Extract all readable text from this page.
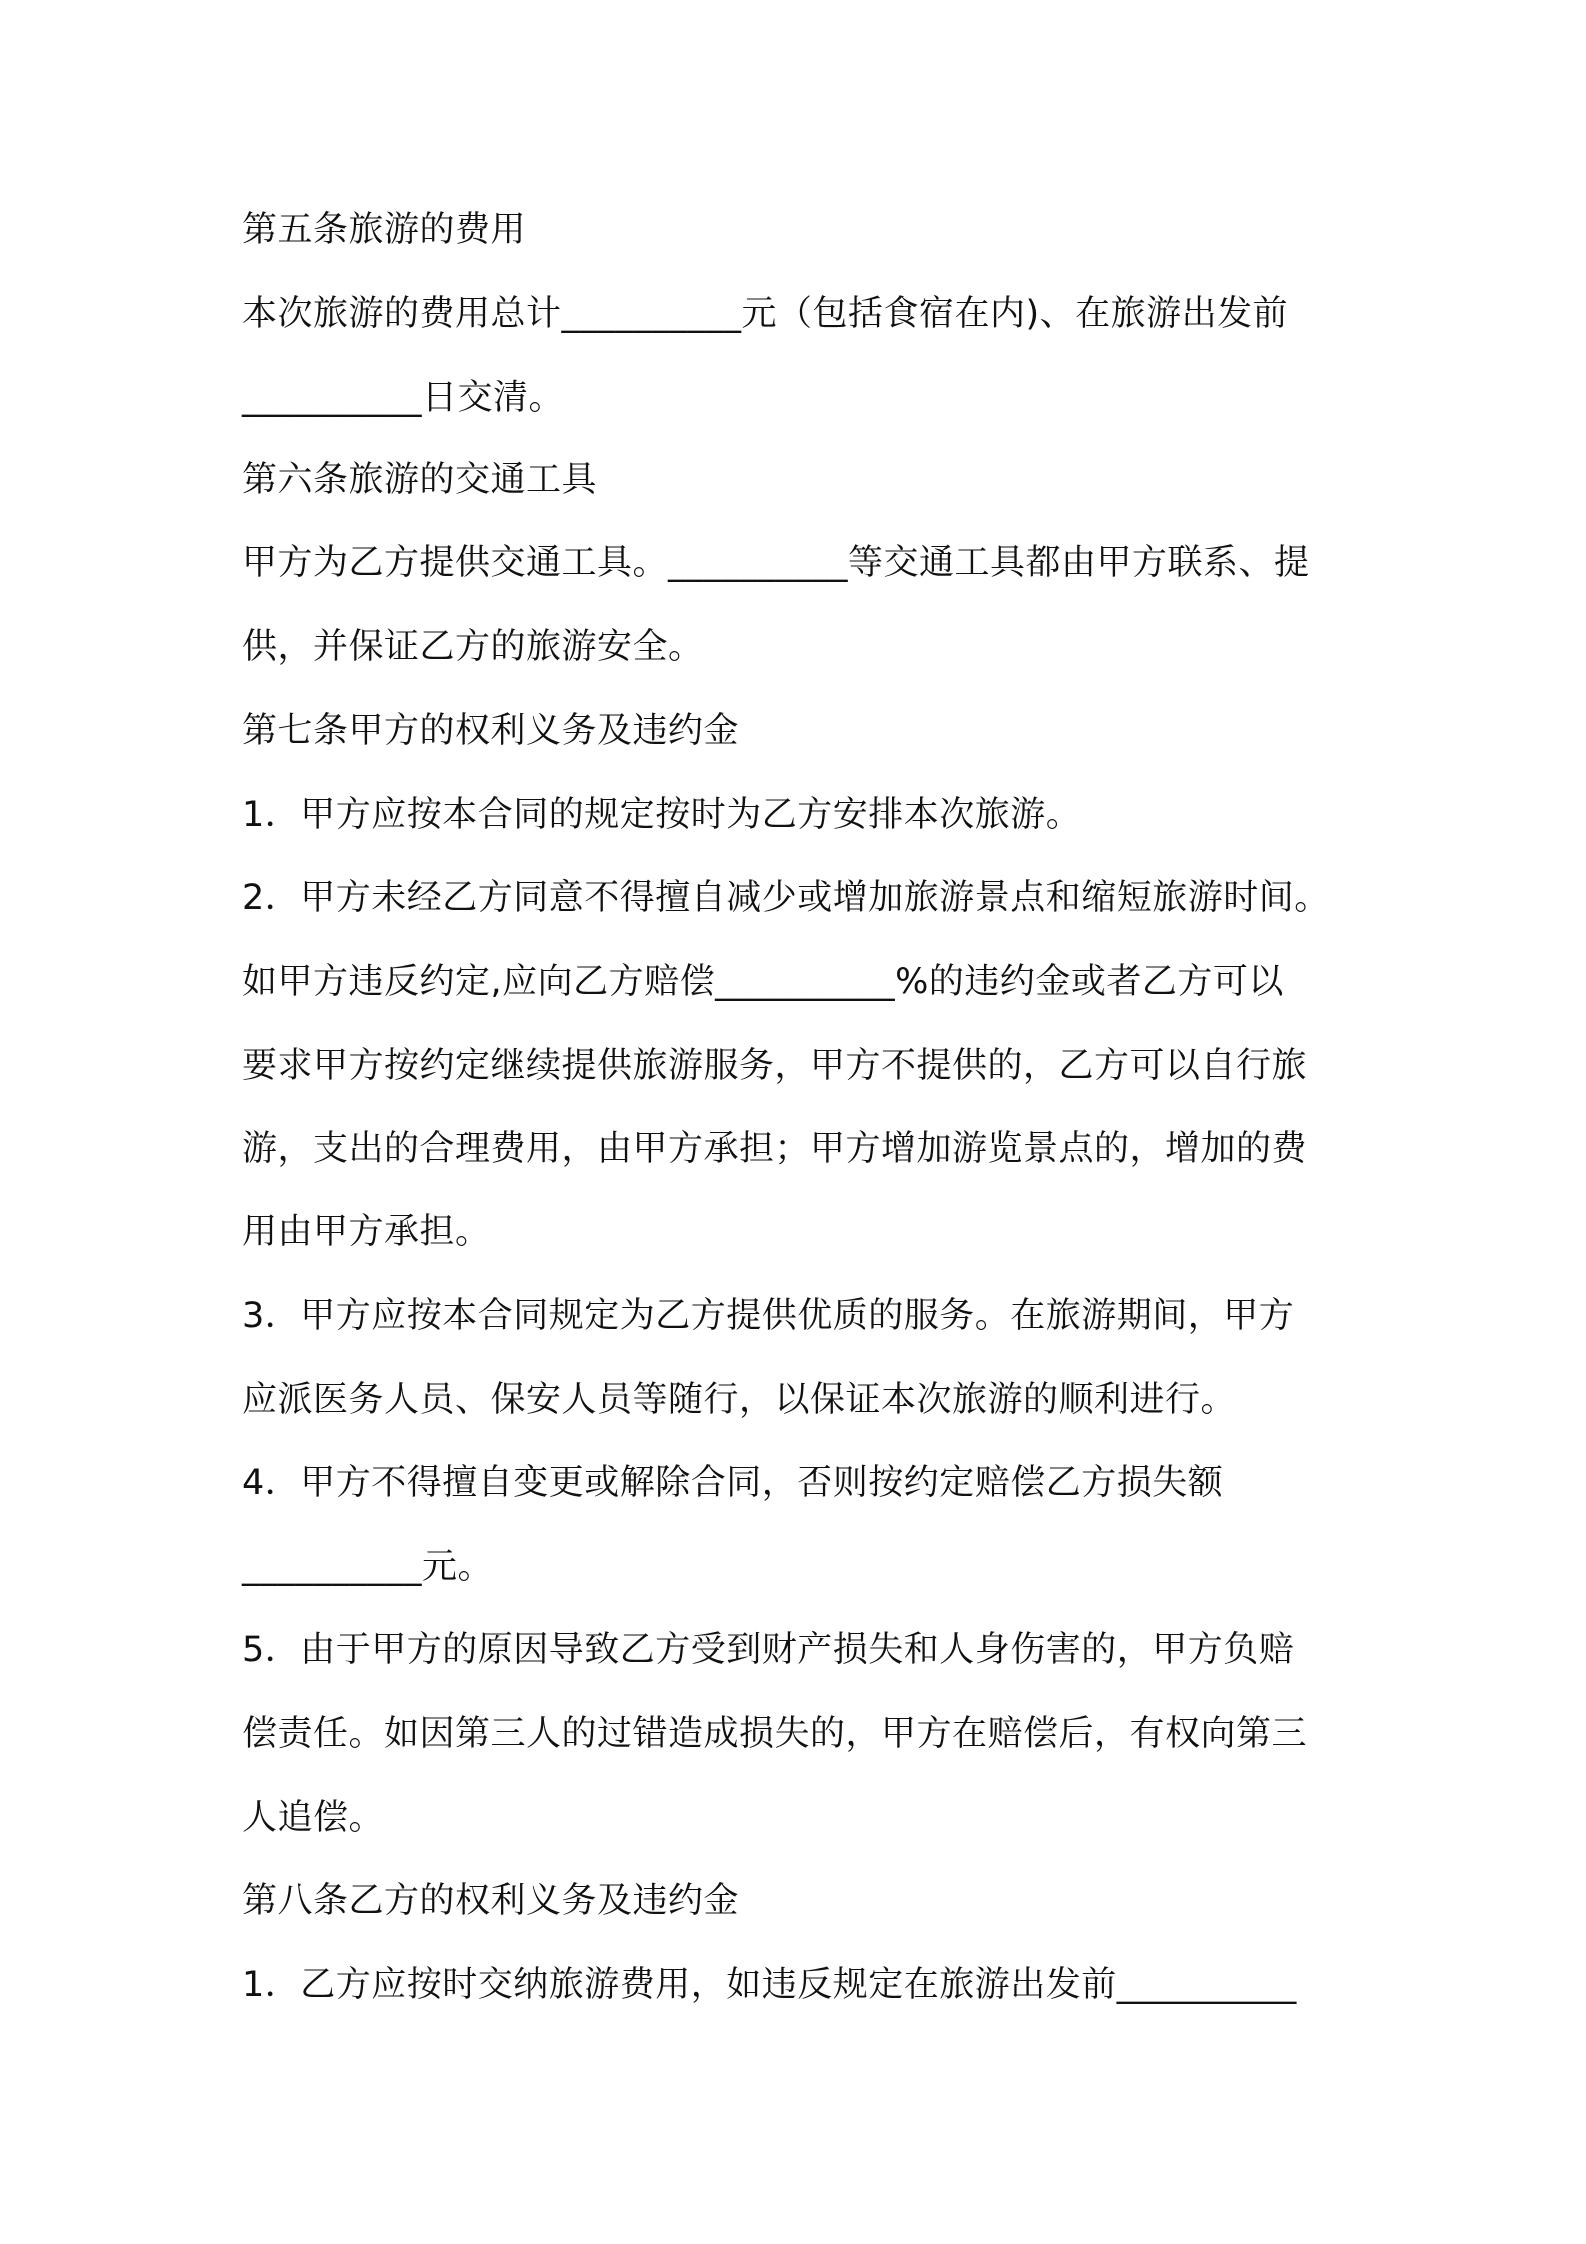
第五条旅游的费用
本次旅游的费用总计__________元（包括食宿在内)、在旅游出发前
__________日交清。
第六条旅游的交通工具
甲方为乙方提供交通工具。__________等交通工具都由甲方联系、提
供，并保证乙方的旅游安全。
第七条甲方的权利义务及违约金
1．甲方应按本合同的规定按时为乙方安排本次旅游。
2．甲方未经乙方同意不得擅自减少或增加旅游景点和缩短旅游时间。
如甲方违反约定,应向乙方赔偿__________%的违约金或者乙方可以
要求甲方按约定继续提供旅游服务，甲方不提供的，乙方可以自行旅
游，支出的合理费用，由甲方承担；甲方增加游览景点的，增加的费
用由甲方承担。
3．甲方应按本合同规定为乙方提供优质的服务。在旅游期间，甲方
应派医务人员、保安人员等随行，以保证本次旅游的顺利进行。
4．甲方不得擅自变更或解除合同，否则按约定赔偿乙方损失额
__________元。
5．由于甲方的原因导致乙方受到财产损失和人身伤害的，甲方负赔
偿责任。如因第三人的过错造成损失的，甲方在赔偿后，有权向第三
人追偿。
第八条乙方的权利义务及违约金
1．乙方应按时交纳旅游费用，如违反规定在旅游出发前__________
